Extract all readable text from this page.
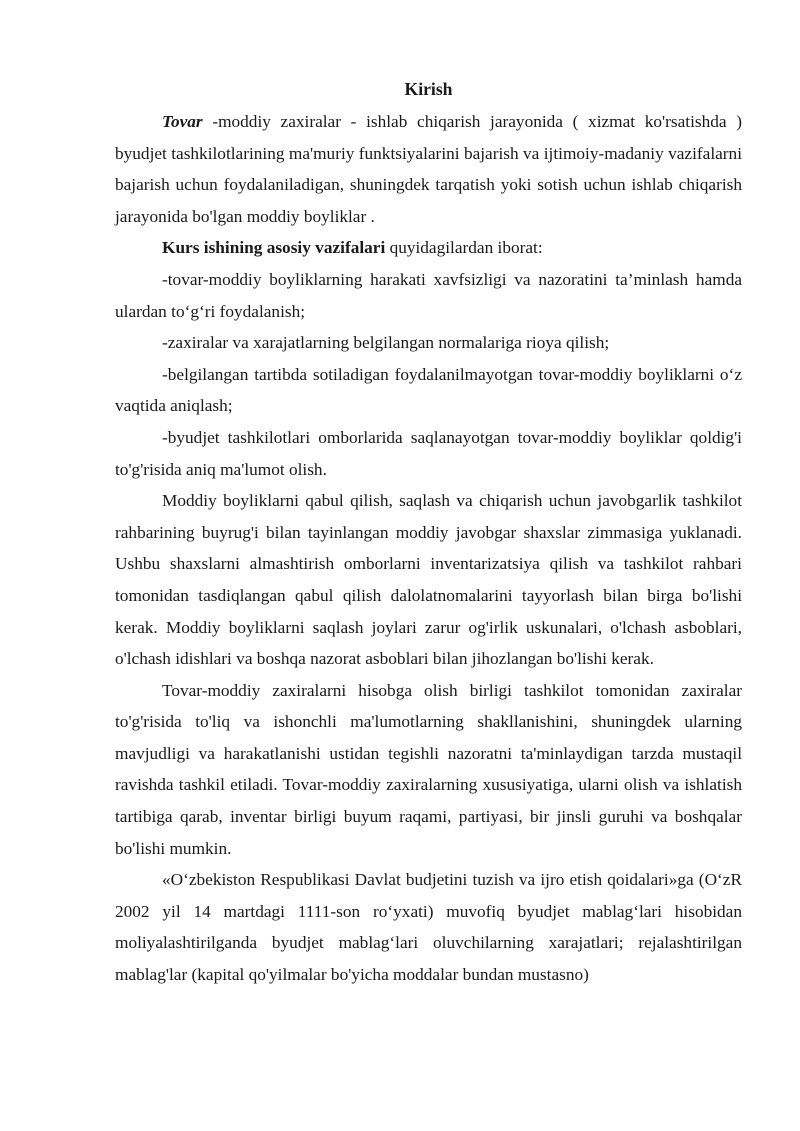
Kirish

Tovar -moddiy zaxiralar - ishlab chiqarish jarayonida ( xizmat ko'rsatishda ) byudjet tashkilotlarining ma'muriy funktsiyalarini bajarish va ijtimoiy-madaniy vazifalarni bajarish uchun foydalaniladigan, shuningdek tarqatish yoki sotish uchun ishlab chiqarish jarayonida bo'lgan moddiy boyliklar .

Kurs ishining asosiy vazifalari quyidagilardan iborat:

-tovar-moddiy boyliklarning harakati xavfsizligi va nazoratini ta’minlash hamda ulardan to‘g‘ri foydalanish;

-zaxiralar va xarajatlarning belgilangan normalariga rioya qilish;

-belgilangan tartibda sotiladigan foydalanilmayotgan tovar-moddiy boyliklarni o‘z vaqtida aniqlash;

-byudjet tashkilotlari omborlarida saqlanayotgan tovar-moddiy boyliklar qoldig'i to'g'risida aniq ma'lumot olish.

Moddiy boyliklarni qabul qilish, saqlash va chiqarish uchun javobgarlik tashkilot rahbarining buyrug'i bilan tayinlangan moddiy javobgar shaxslar zimmasiga yuklanadi. Ushbu shaxslarni almashtirish omborlarni inventarizatsiya qilish va tashkilot rahbari tomonidan tasdiqlangan qabul qilish dalolatnomalarini tayyorlash bilan birga bo'lishi kerak. Moddiy boyliklarni saqlash joylari zarur og'irlik uskunalari, o'lchash asboblari, o'lchash idishlari va boshqa nazorat asboblari bilan jihozlangan bo'lishi kerak.

Tovar-moddiy zaxiralarni hisobga olish birligi tashkilot tomonidan zaxiralar to'g'risida to'liq va ishonchli ma'lumotlarning shakllanishini, shuningdek ularning mavjudligi va harakatlanishi ustidan tegishli nazoratni ta'minlaydigan tarzda mustaqil ravishda tashkil etiladi. Tovar-moddiy zaxiralarning xususiyatiga, ularni olish va ishlatish tartibiga qarab, inventar birligi buyum raqami, partiyasi, bir jinsli guruhi va boshqalar bo'lishi mumkin.

«O‘zbekiston Respublikasi Davlat budjetini tuzish va ijro etish qoidalari»ga (O‘zR 2002 yil 14 martdagi 1111-son ro‘yxati) muvofiq byudjet mablag‘lari hisobidan moliyalashtirilganda byudjet mablag‘lari oluvchilarning xarajatlari; rejalashtirilgan mablag'lar (kapital qo'yilmalar bo'yicha moddalar bundan mustasno)
